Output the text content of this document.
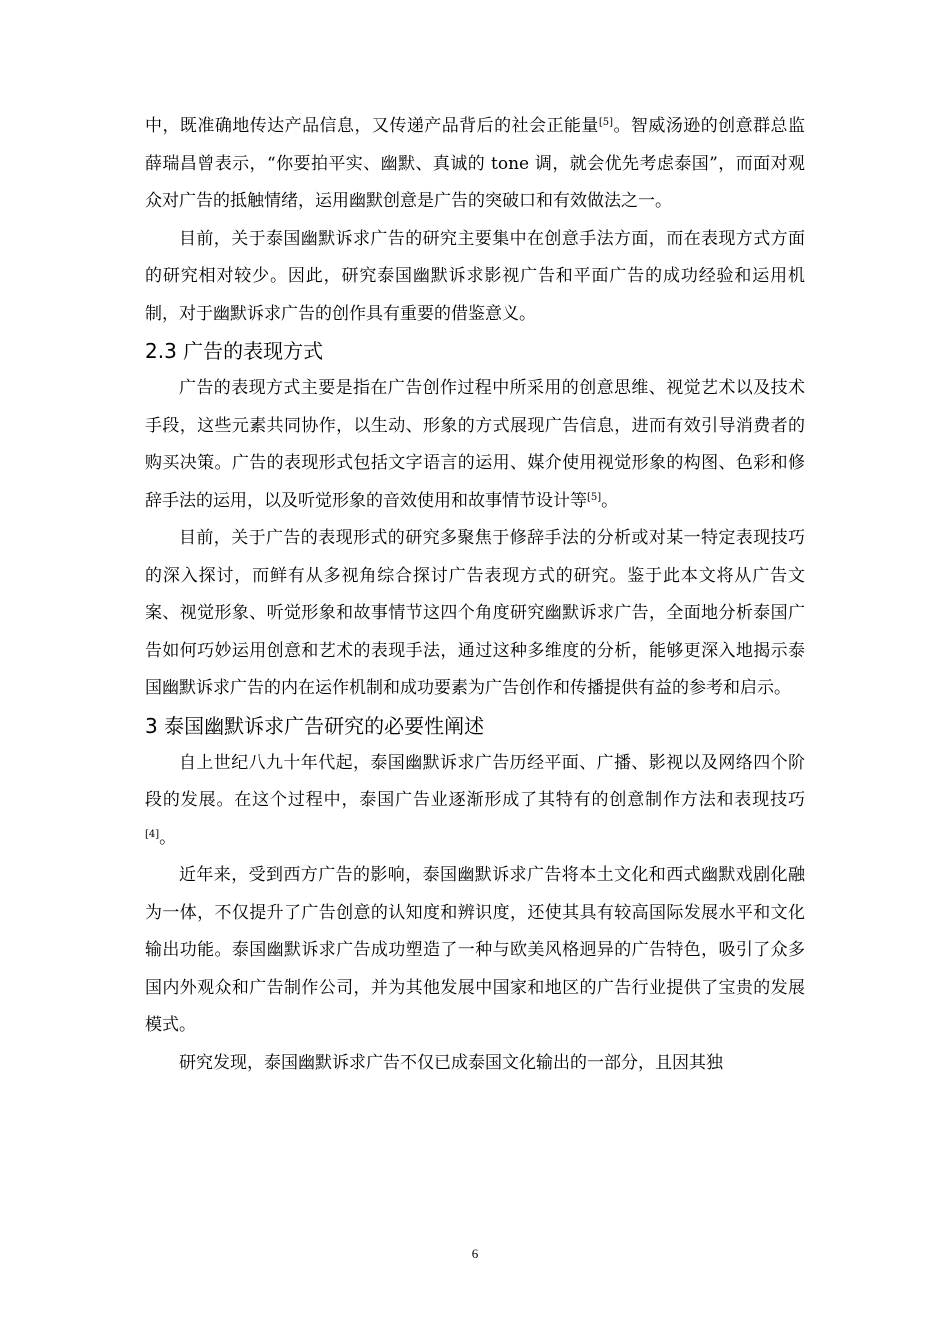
中，既准确地传达产品信息，又传递产品背后的社会正能量[5]。智威汤逊的创意群总监薛瑞昌曾表示，“你要拍平实、幽默、真诚的 tone 调，就会优先考虑泰国”，而面对观众对广告的抵触情绪，运用幽默创意是广告的突破口和有效做法之一。

目前，关于泰国幽默诉求广告的研究主要集中在创意手法方面，而在表现方式方面的研究相对较少。因此，研究泰国幽默诉求影视广告和平面广告的成功经验和运用机制，对于幽默诉求广告的创作具有重要的借鉴意义。

2.3 广告的表现方式

广告的表现方式主要是指在广告创作过程中所采用的创意思维、视觉艺术以及技术手段，这些元素共同协作，以生动、形象的方式展现广告信息，进而有效引导消费者的购买决策。广告的表现形式包括文字语言的运用、媒介使用视觉形象的构图、色彩和修辞手法的运用，以及听觉形象的音效使用和故事情节设计等[5]。

目前，关于广告的表现形式的研究多聚焦于修辞手法的分析或对某一特定表现技巧的深入探讨，而鲜有从多视角综合探讨广告表现方式的研究。鉴于此本文将从广告文案、视觉形象、听觉形象和故事情节这四个角度研究幽默诉求广告，全面地分析泰国广告如何巧妙运用创意和艺术的表现手法，通过这种多维度的分析，能够更深入地揭示泰国幽默诉求广告的内在运作机制和成功要素为广告创作和传播提供有益的参考和启示。

3 泰国幽默诉求广告研究的必要性阐述

自上世纪八九十年代起，泰国幽默诉求广告历经平面、广播、影视以及网络四个阶段的发展。在这个过程中，泰国广告业逐渐形成了其特有的创意制作方法和表现技巧[4]。

近年来，受到西方广告的影响，泰国幽默诉求广告将本土文化和西式幽默戏剧化融为一体，不仅提升了广告创意的认知度和辨识度，还使其具有较高国际发展水平和文化输出功能。泰国幽默诉求广告成功塑造了一种与欧美风格迥异的广告特色，吸引了众多国内外观众和广告制作公司，并为其他发展中国家和地区的广告行业提供了宝贵的发展模式。

研究发现，泰国幽默诉求广告不仅已成泰国文化输出的一部分，且因其独

6
